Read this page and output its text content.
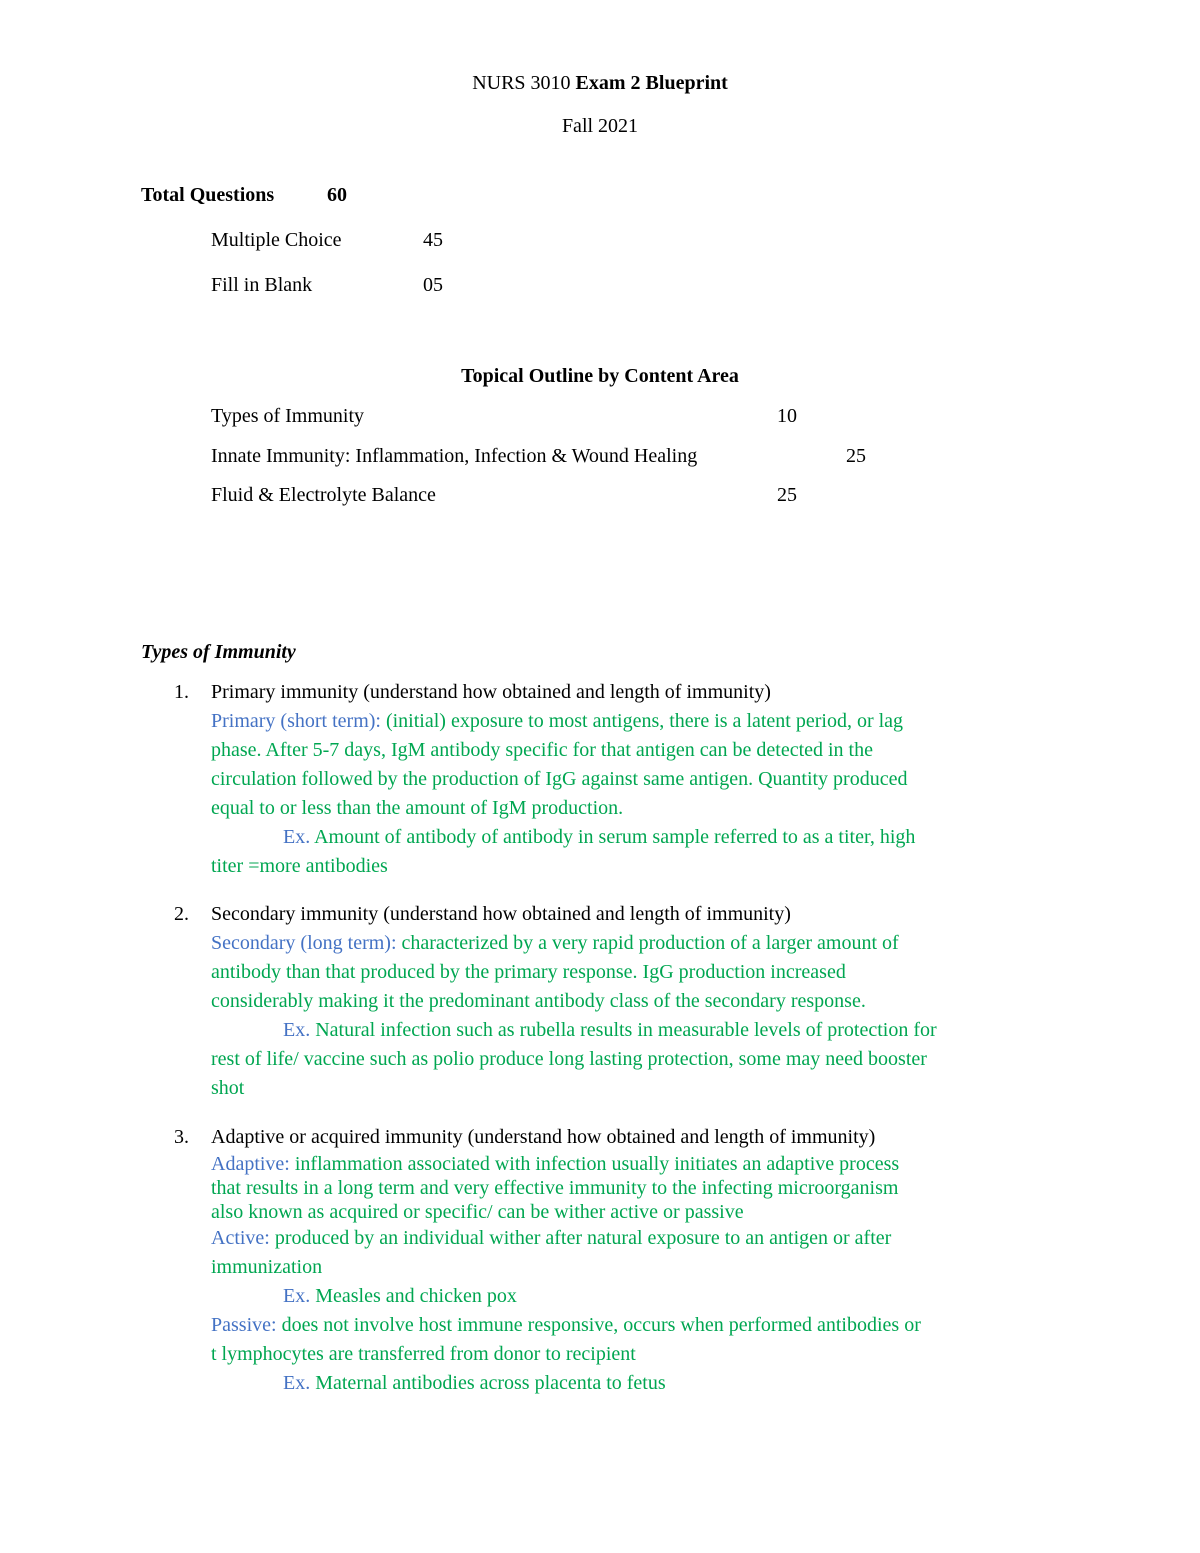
NURS 3010 Exam 2 Blueprint
Fall 2021
Total Questions	60
Multiple Choice	45
Fill in Blank	05
Topical Outline by Content Area
Types of Immunity	10
Innate Immunity: Inflammation, Infection & Wound Healing	25
Fluid & Electrolyte Balance	25
Types of Immunity
1.	Primary immunity (understand how obtained and length of immunity)
Primary (short term): (initial) exposure to most antigens, there is a latent period, or lag
phase. After 5-7 days, IgM antibody specific for that antigen can be detected in the
circulation followed by the production of IgG against same antigen. Quantity produced
equal to or less than the amount of IgM production.
Ex. Amount of antibody of antibody in serum sample referred to as a titer, high
titer =more antibodies
2.	Secondary immunity (understand how obtained and length of immunity)
Secondary (long term): characterized by a very rapid production of a larger amount of
antibody than that produced by the primary response. IgG production increased
considerably making it the predominant antibody class of the secondary response.
Ex. Natural infection such as rubella results in measurable levels of protection for
rest of life/ vaccine such as polio produce long lasting protection, some may need booster
shot
3.	Adaptive or acquired immunity (understand how obtained and length of immunity)
Adaptive: inflammation associated with infection usually initiates an adaptive process
that results in a long term and very effective immunity to the infecting microorganism
also known as acquired or specific/ can be wither active or passive
Active: produced by an individual wither after natural exposure to an antigen or after
immunization
Ex. Measles and chicken pox
Passive: does not involve host immune responsive, occurs when performed antibodies or
t lymphocytes are transferred from donor to recipient
Ex. Maternal antibodies across placenta to fetus
